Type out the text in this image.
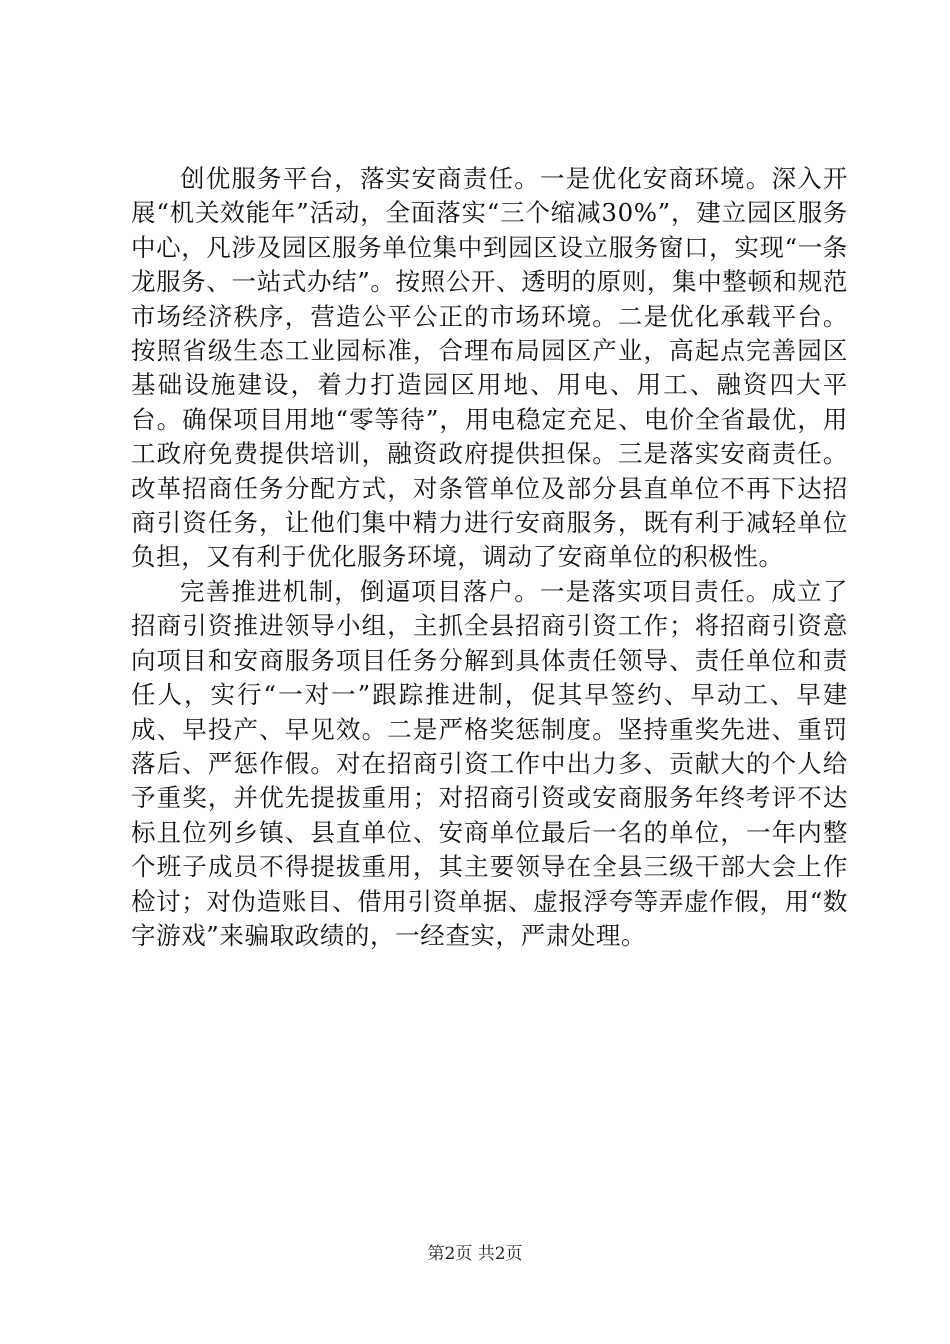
创优服务平台，落实安商责任。一是优化安商环境。深入开展“机关效能年”活动，全面落实“三个缩减30%”，建立园区服务中心，凡涉及园区服务单位集中到园区设立服务窗口，实现“一条龙服务、一站式办结”。按照公开、透明的原则，集中整顿和规范市场经济秩序，营造公平公正的市场环境。二是优化承载平台。按照省级生态工业园标准，合理布局园区产业，高起点完善园区基础设施建设，着力打造园区用地、用电、用工、融资四大平台。确保项目用地“零等待”，用电稳定充足、电价全省最优，用工政府免费提供培训，融资政府提供担保。三是落实安商责任。改革招商任务分配方式，对条管单位及部分县直单位不再下达招商引资任务，让他们集中精力进行安商服务，既有利于减轻单位负担，又有利于优化服务环境，调动了安商单位的积极性。

完善推进机制，倒逼项目落户。一是落实项目责任。成立了招商引资推进领导小组，主抓全县招商引资工作；将招商引资意向项目和安商服务项目任务分解到具体责任领导、责任单位和责任人，实行“一对一”跟踪推进制，促其早签约、早动工、早建成、早投产、早见效。二是严格奖惩制度。坚持重奖先进、重罚落后、严惩作假。对在招商引资工作中出力多、贡献大的个人给予重奖，并优先提拔重用；对招商引资或安商服务年终考评不达标且位列乡镇、县直单位、安商单位最后一名的单位，一年内整个班子成员不得提拔重用，其主要领导在全县三级干部大会上作检讨；对伪造账目、借用引资单据、虚报浮夸等弄虚作假，用“数字游戏”来骗取政绩的，一经查实，严肃处理。

第2页 共2页
